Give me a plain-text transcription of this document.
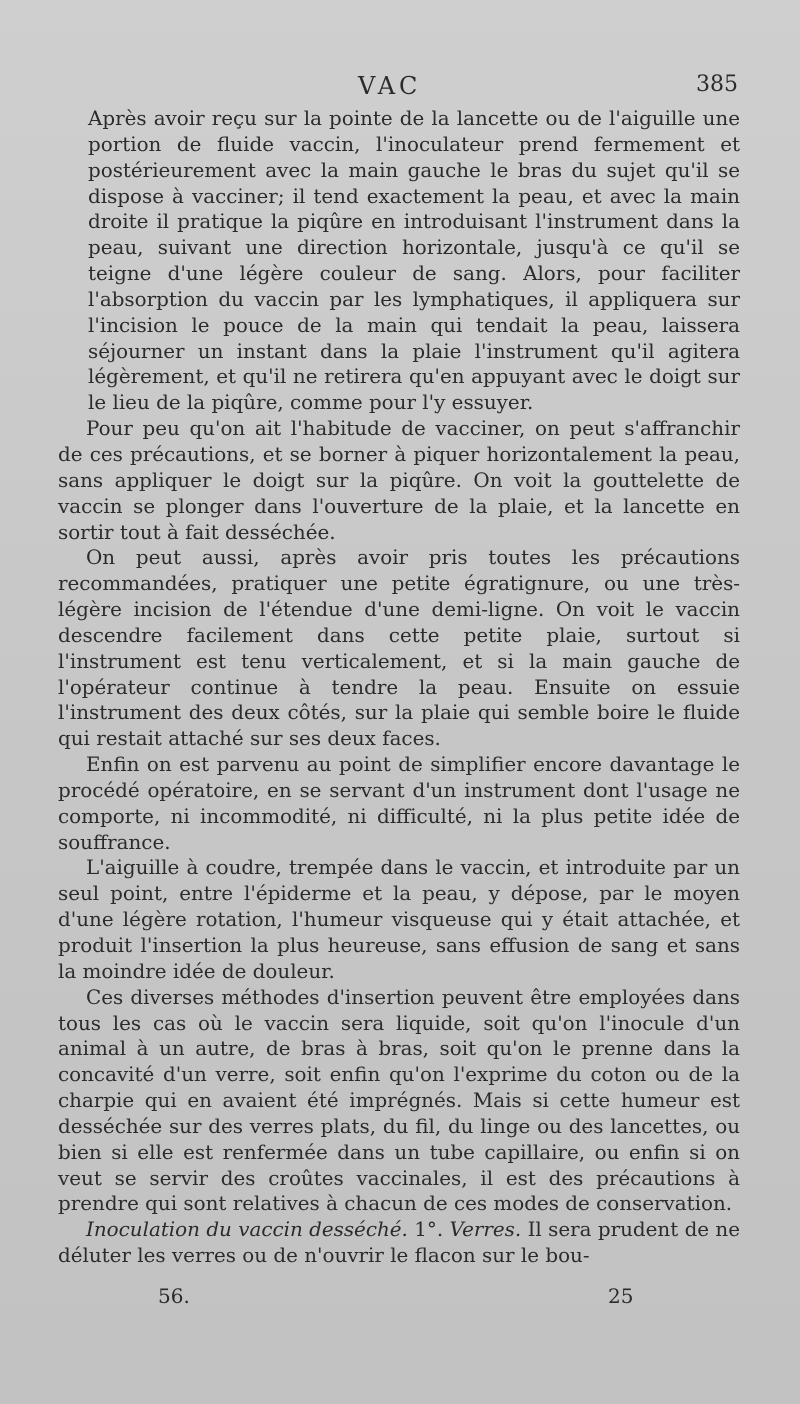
VAC	385

Après avoir reçu sur la pointe de la lancette ou de l'aiguille une portion de fluide vaccin, l'inoculateur prend fermement et postérieurement avec la main gauche le bras du sujet qu'il se dispose à vacciner; il tend exactement la peau, et avec la main droite il pratique la piqûre en introduisant l'instrument dans la peau, suivant une direction horizontale, jusqu'à ce qu'il se teigne d'une légère couleur de sang. Alors, pour faciliter l'absorption du vaccin par les lymphatiques, il appliquera sur l'incision le pouce de la main qui tendait la peau, laissera séjourner un instant dans la plaie l'instrument qu'il agitera légèrement, et qu'il ne retirera qu'en appuyant avec le doigt sur le lieu de la piqûre, comme pour l'y essuyer.

Pour peu qu'on ait l'habitude de vacciner, on peut s'affranchir de ces précautions, et se borner à piquer horizontalement la peau, sans appliquer le doigt sur la piqûre. On voit la gouttelette de vaccin se plonger dans l'ouverture de la plaie, et la lancette en sortir tout à fait desséchée.

On peut aussi, après avoir pris toutes les précautions recommandées, pratiquer une petite égratignure, ou une très-légère incision de l'étendue d'une demi-ligne. On voit le vaccin descendre facilement dans cette petite plaie, surtout si l'instrument est tenu verticalement, et si la main gauche de l'opérateur continue à tendre la peau. Ensuite on essuie l'instrument des deux côtés, sur la plaie qui semble boire le fluide qui restait attaché sur ses deux faces.

Enfin on est parvenu au point de simplifier encore davantage le procédé opératoire, en se servant d'un instrument dont l'usage ne comporte, ni incommodité, ni difficulté, ni la plus petite idée de souffrance.

L'aiguille à coudre, trempée dans le vaccin, et introduite par un seul point, entre l'épiderme et la peau, y dépose, par le moyen d'une légère rotation, l'humeur visqueuse qui y était attachée, et produit l'insertion la plus heureuse, sans effusion de sang et sans la moindre idée de douleur.

Ces diverses méthodes d'insertion peuvent être employées dans tous les cas où le vaccin sera liquide, soit qu'on l'inocule d'un animal à un autre, de bras à bras, soit qu'on le prenne dans la concavité d'un verre, soit enfin qu'on l'exprime du coton ou de la charpie qui en avaient été imprégnés. Mais si cette humeur est desséchée sur des verres plats, du fil, du linge ou des lancettes, ou bien si elle est renfermée dans un tube capillaire, ou enfin si on veut se servir des croûtes vaccinales, il est des précautions à prendre qui sont relatives à chacun de ces modes de conservation.

Inoculation du vaccin desséché. 1°. Verres. Il sera prudent de ne déluter les verres ou de n'ouvrir le flacon sur le bou-

56.	25
